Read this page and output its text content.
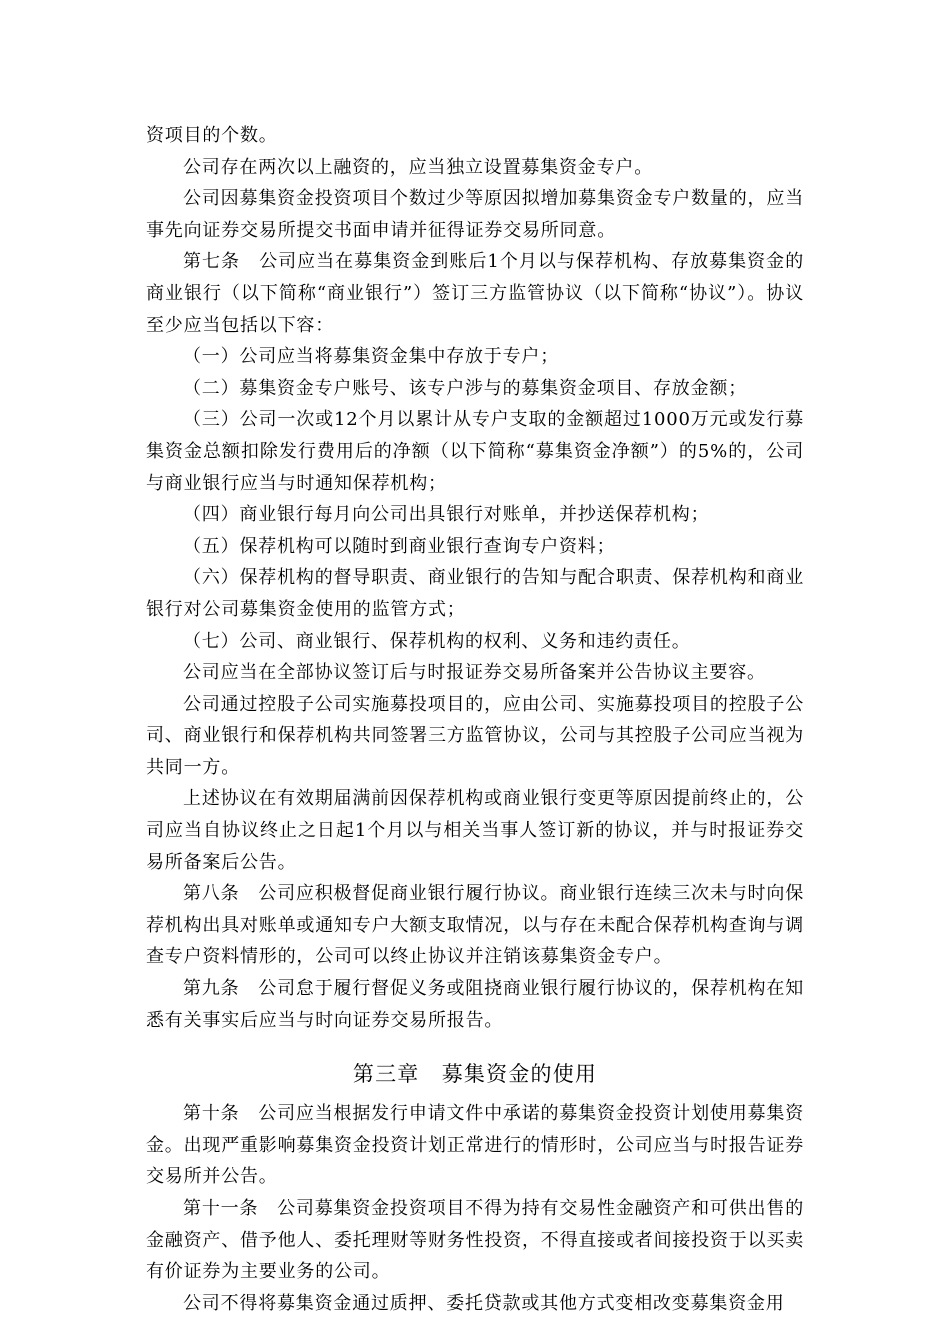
资项目的个数。

公司存在两次以上融资的，应当独立设置募集资金专户。

公司因募集资金投资项目个数过少等原因拟增加募集资金专户数量的，应当事先向证券交易所提交书面申请并征得证券交易所同意。

第七条　公司应当在募集资金到账后1个月以与保荐机构、存放募集资金的商业银行（以下简称“商业银行”）签订三方监管协议（以下简称“协议”）。协议至少应当包括以下容：

（一）公司应当将募集资金集中存放于专户；

（二）募集资金专户账号、该专户涉与的募集资金项目、存放金额；

（三）公司一次或12个月以累计从专户支取的金额超过1000万元或发行募集资金总额扣除发行费用后的净额（以下简称“募集资金净额”）的5%的，公司与商业银行应当与时通知保荐机构；

（四）商业银行每月向公司出具银行对账单，并抄送保荐机构；

（五）保荐机构可以随时到商业银行查询专户资料；

（六）保荐机构的督导职责、商业银行的告知与配合职责、保荐机构和商业银行对公司募集资金使用的监管方式；

（七）公司、商业银行、保荐机构的权利、义务和违约责任。

公司应当在全部协议签订后与时报证券交易所备案并公告协议主要容。

公司通过控股子公司实施募投项目的，应由公司、实施募投项目的控股子公司、商业银行和保荐机构共同签署三方监管协议，公司与其控股子公司应当视为共同一方。

上述协议在有效期届满前因保荐机构或商业银行变更等原因提前终止的，公司应当自协议终止之日起1个月以与相关当事人签订新的协议，并与时报证券交易所备案后公告。

第八条　公司应积极督促商业银行履行协议。商业银行连续三次未与时向保荐机构出具对账单或通知专户大额支取情况，以与存在未配合保荐机构查询与调查专户资料情形的，公司可以终止协议并注销该募集资金专户。

第九条　公司怠于履行督促义务或阻挠商业银行履行协议的，保荐机构在知悉有关事实后应当与时向证券交易所报告。

第三章　募集资金的使用

第十条　公司应当根据发行申请文件中承诺的募集资金投资计划使用募集资金。出现严重影响募集资金投资计划正常进行的情形时，公司应当与时报告证券交易所并公告。

第十一条　公司募集资金投资项目不得为持有交易性金融资产和可供出售的金融资产、借予他人、委托理财等财务性投资，不得直接或者间接投资于以买卖有价证券为主要业务的公司。

公司不得将募集资金通过质押、委托贷款或其他方式变相改变募集资金用
